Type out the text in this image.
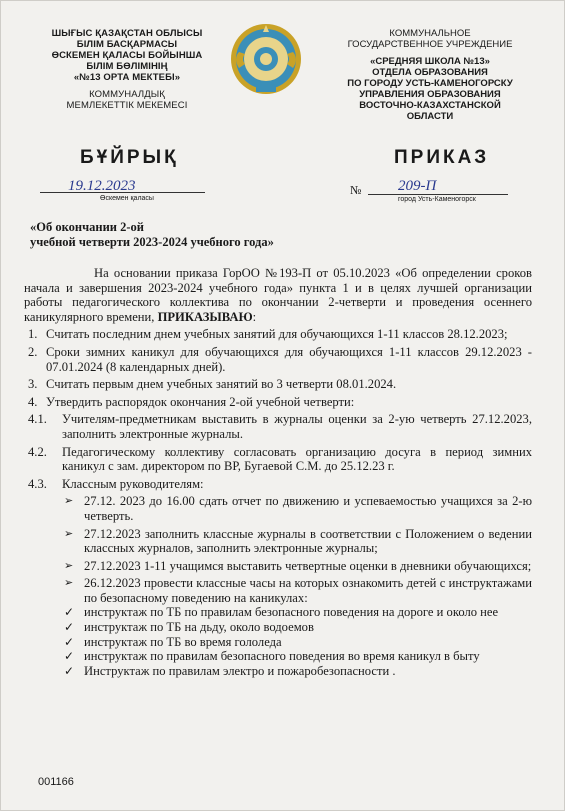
ШЫҒЫС ҚАЗАҚСТАН ОБЛЫСЫ
БІЛІМ БАСҚАРМАСЫ
ӨСКЕМЕН ҚАЛАСЫ БОЙЫНША
БІЛІМ БӨЛІМІНІҢ
«№13 ОРТА МЕКТЕБІ»
КОММУНАЛДЫҚ
МЕМЛЕКЕТТІК МЕКЕМЕСІ
КОММУНАЛЬНОЕ
ГОСУДАРСТВЕННОЕ УЧРЕЖДЕНИЕ
«СРЕДНЯЯ ШКОЛА №13»
ОТДЕЛА ОБРАЗОВАНИЯ
ПО ГОРОДУ УСТЬ-КАМЕНОГОРСКУ
УПРАВЛЕНИЯ ОБРАЗОВАНИЯ
ВОСТОЧНО-КАЗАХСТАНСКОЙ ОБЛАСТИ
БҰЙРЫҚ	ПРИКАЗ
19.12.2023
Өскемен қаласы
№ 209-П
город Усть-Каменогорск
«Об окончании 2-ой
учебной четверти 2023-2024 учебного года»

На основании приказа ГорОО №193-П от 05.10.2023 «Об определении сроков начала и завершения 2023-2024 учебного года» пункта 1 и в целях лучшей организации работы педагогического коллектива по окончании 2-четверти и проведения осеннего каникулярного времени, ПРИКАЗЫВАЮ:

1. Считать последним днем учебных занятий для обучающихся 1-11 классов 28.12.2023;
2. Сроки зимних каникул для обучающихся для обучающихся 1-11 классов 29.12.2023 - 07.01.2024 (8 календарных дней).
3. Считать первым днем учебных занятий во 3 четверти 08.01.2024.
4. Утвердить распорядок окончания 2-ой учебной четверти:
4.1. Учителям-предметникам выставить в журналы оценки за 2-ую четверть 27.12.2023, заполнить электронные журналы.
4.2. Педагогическому коллективу согласовать организацию досуга в период зимних каникул с зам. директором по ВР, Бугаевой С.М. до 25.12.23 г.
4.3. Классным руководителям:
➢ 27.12. 2023 до 16.00 сдать отчет по движению и успеваемостью учащихся за 2-ю четверть.
➢ 27.12.2023 заполнить классные журналы в соответствии с Положением о ведении классных журналов, заполнить электронные журналы;
➢ 27.12.2023 1-11 учащимся выставить четвертные оценки в дневники обучающихся;
➢ 26.12.2023 провести классные часы на которых ознакомить детей с инструктажами по безопасному поведению на каникулах:
✓ инструктаж по ТБ по правилам безопасного поведения на дороге и около нее
✓ инструктаж по ТБ на дьду, около водоемов
✓ инструктаж по ТБ во время гололеда
✓ инструктаж по правилам безопасного поведения во время каникул в быту
✓ Инструктаж по правилам электро и пожаробезопасности .
001166
